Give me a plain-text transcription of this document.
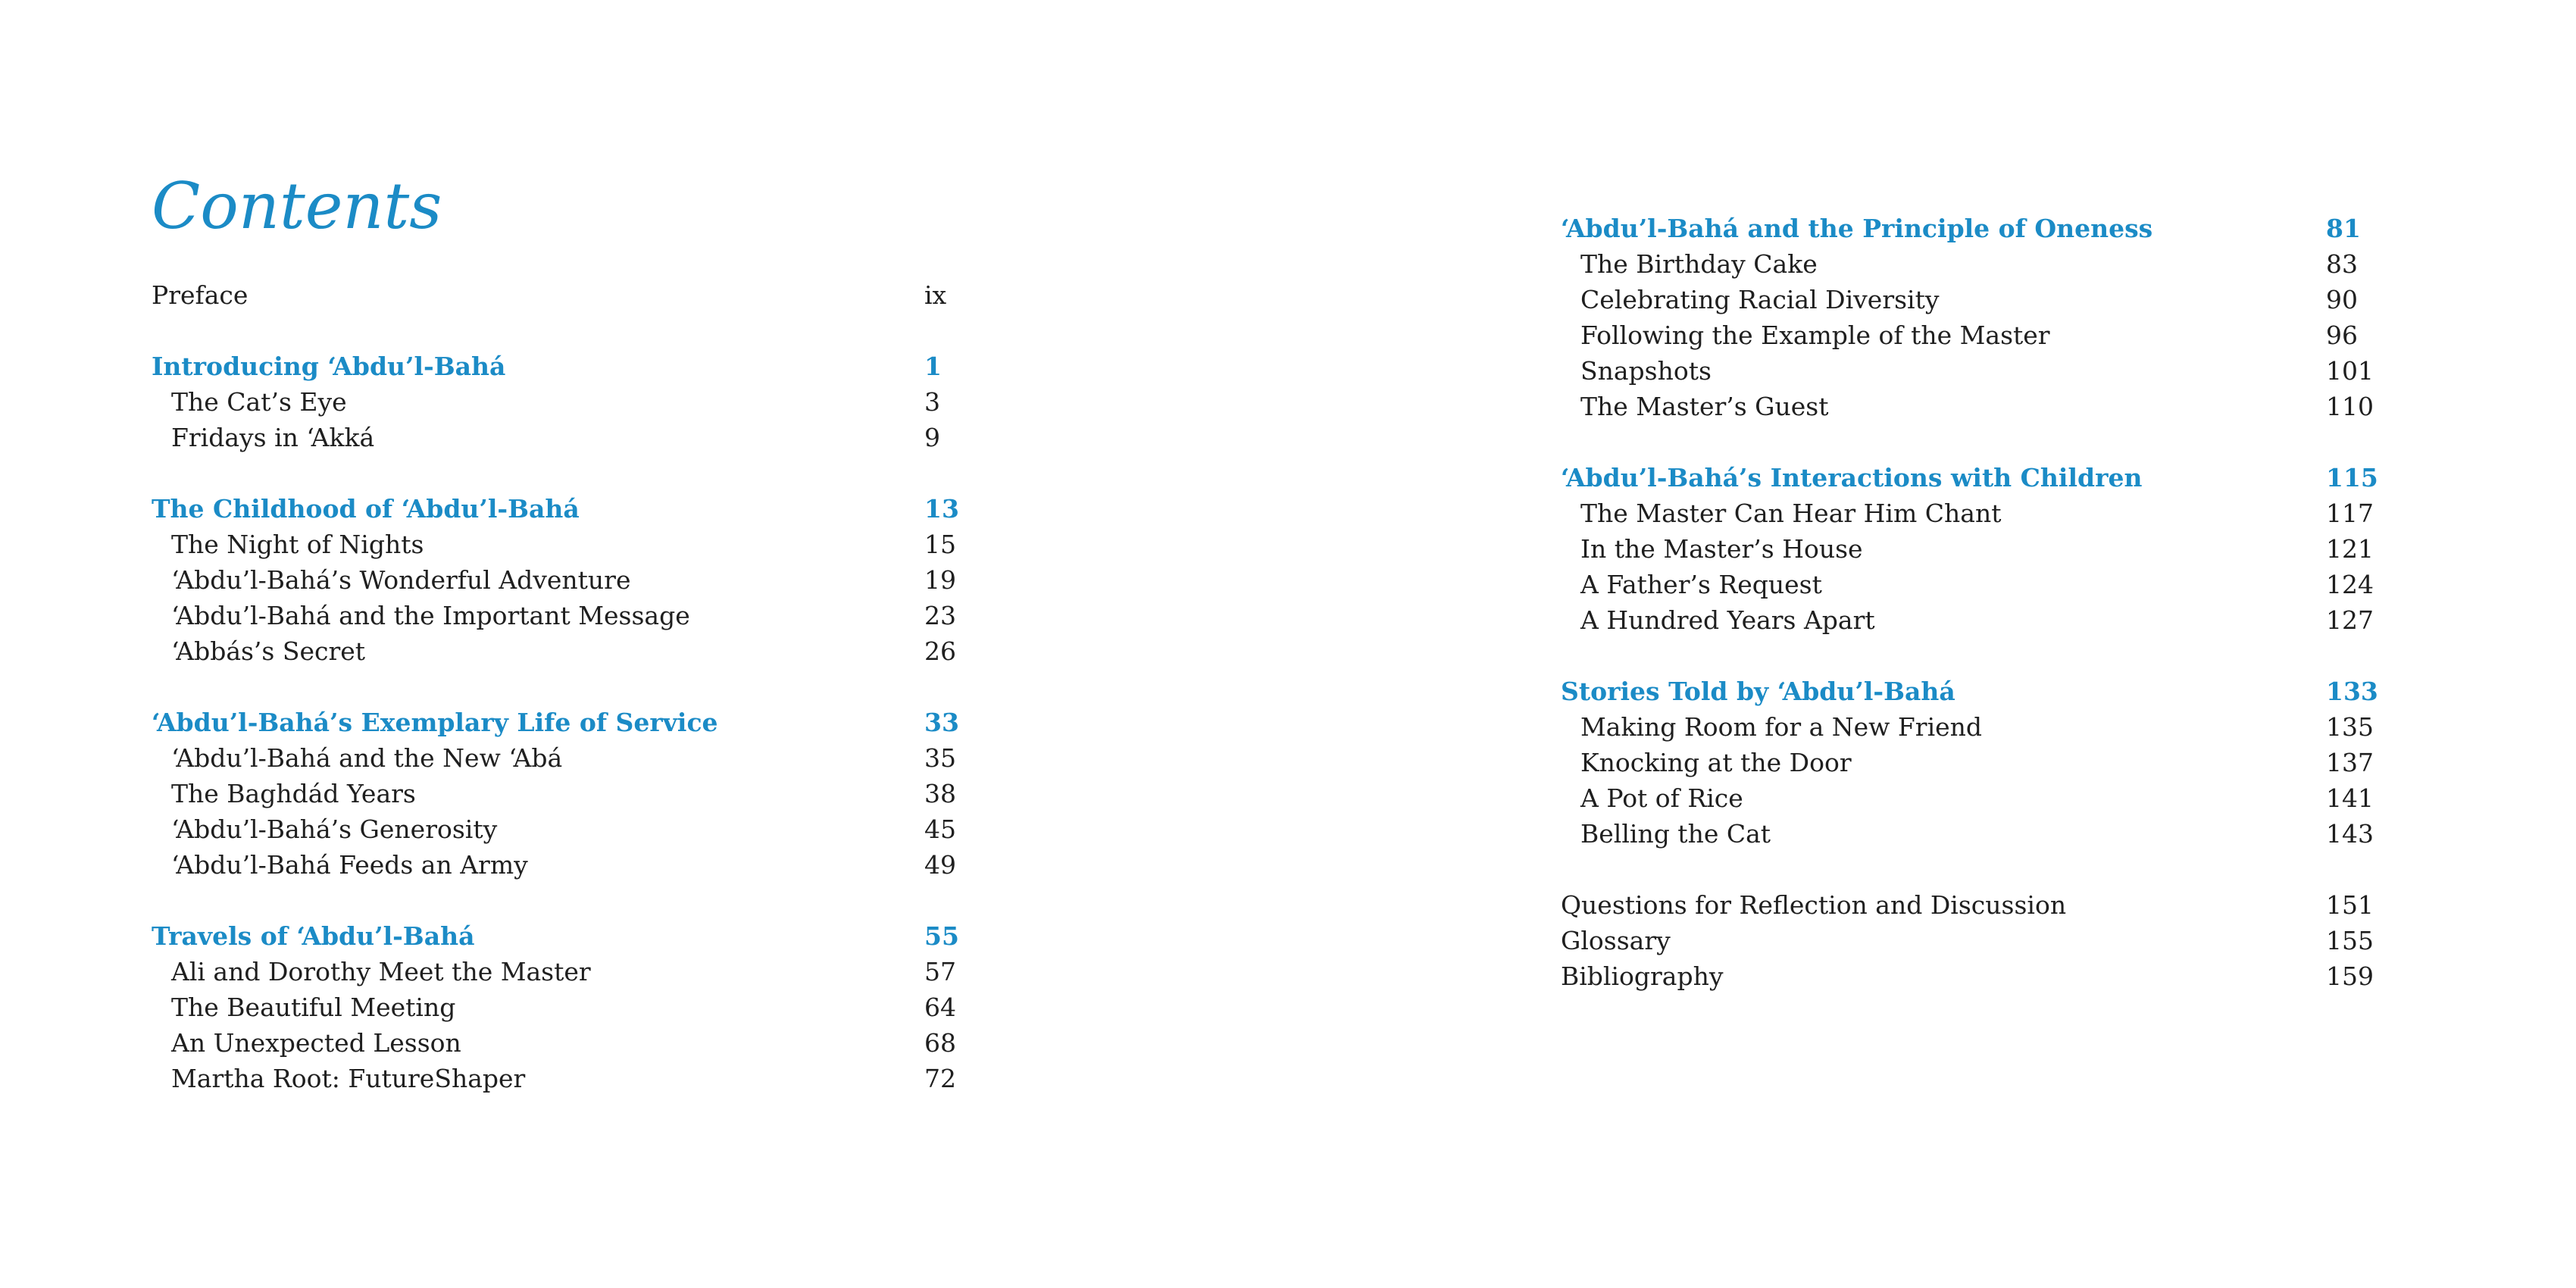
Contents
Preface	ix
Introducing ‘Abdu’l-Bahá	1
The Cat’s Eye	3
Fridays in ‘Akká	9
The Childhood of ‘Abdu’l-Bahá	13
The Night of Nights	15
‘Abdu’l-Bahá’s Wonderful Adventure	19
‘Abdu’l-Bahá and the Important Message	23
‘Abbás’s Secret	26
‘Abdu’l-Bahá’s Exemplary Life of Service	33
‘Abdu’l-Bahá and the New ‘Abá	35
The Baghdád Years	38
‘Abdu’l-Bahá’s Generosity	45
‘Abdu’l-Bahá Feeds an Army	49
Travels of ‘Abdu’l-Bahá	55
Ali and Dorothy Meet the Master	57
The Beautiful Meeting	64
An Unexpected Lesson	68
Martha Root: FutureShaper	72
‘Abdu’l-Bahá and the Principle of Oneness	81
The Birthday Cake	83
Celebrating Racial Diversity	90
Following the Example of the Master	96
Snapshots	101
The Master’s Guest	110
‘Abdu’l-Bahá’s Interactions with Children	115
The Master Can Hear Him Chant	117
In the Master’s House	121
A Father’s Request	124
A Hundred Years Apart	127
Stories Told by ‘Abdu’l-Bahá	133
Making Room for a New Friend	135
Knocking at the Door	137
A Pot of Rice	141
Belling the Cat	143
Questions for Reflection and Discussion	151
Glossary	155
Bibliography	159
